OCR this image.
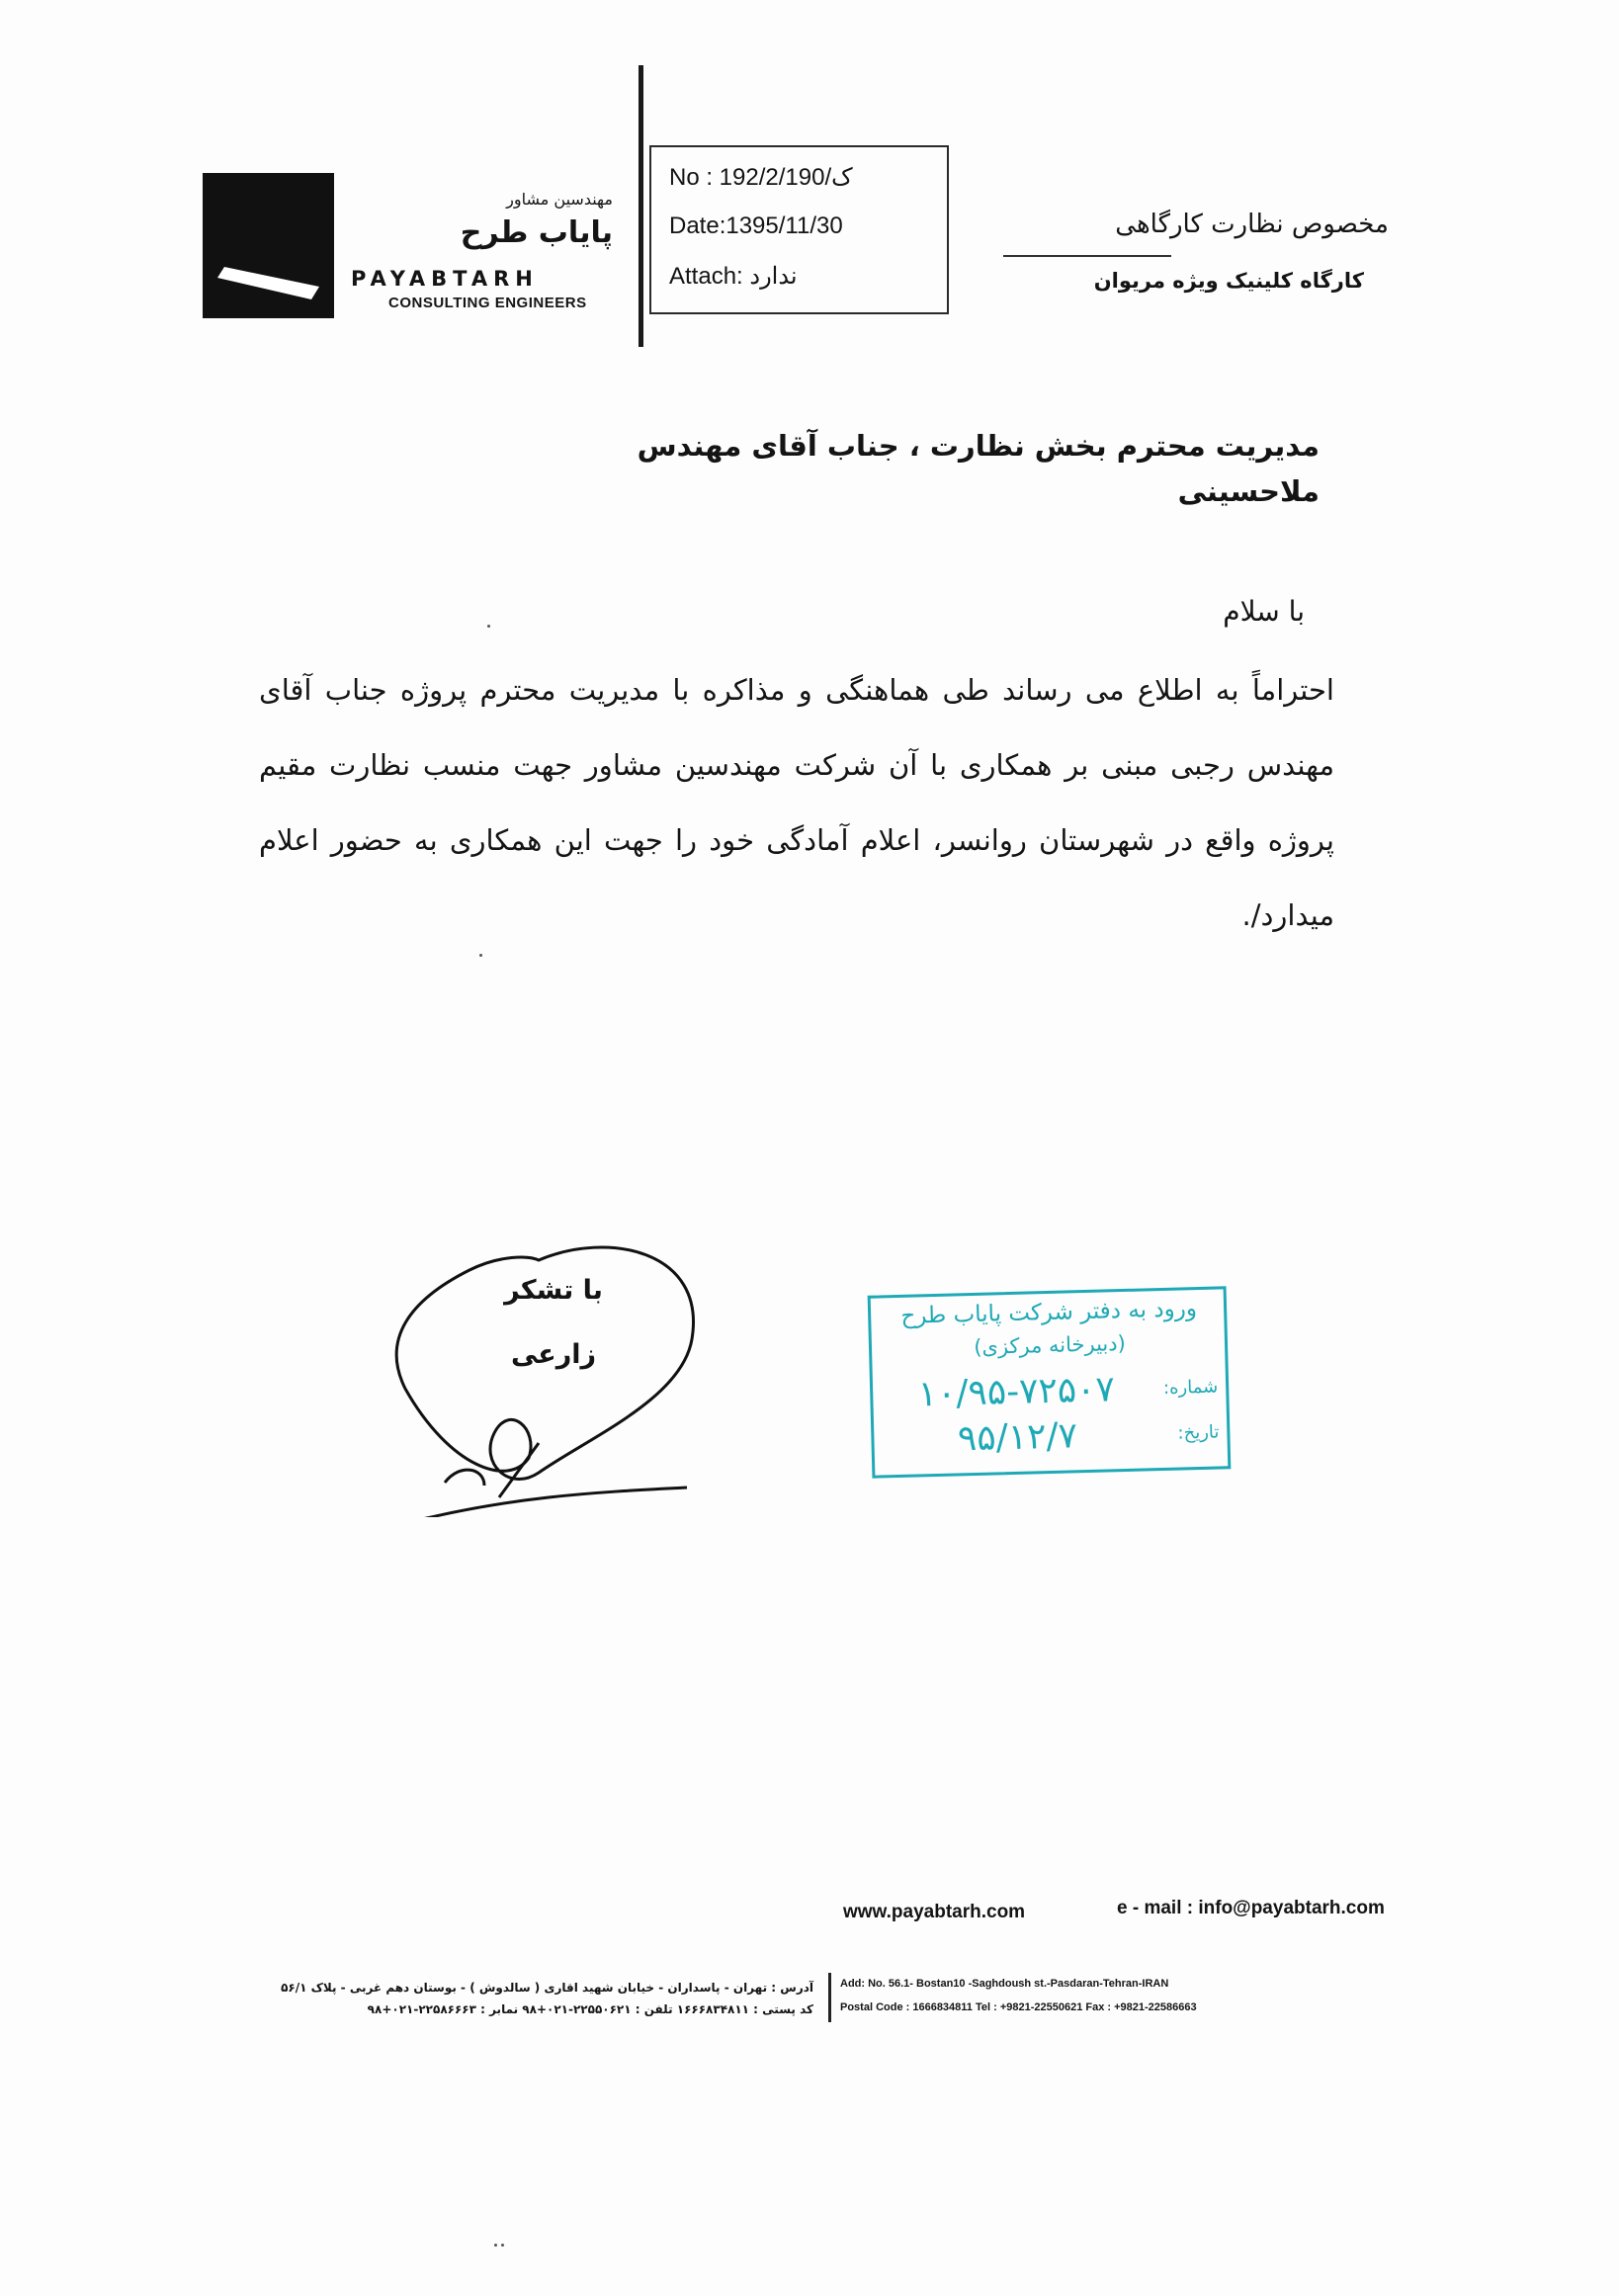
مهندسین مشاور
پایاب طرح
PAYABTARH
CONSULTING ENGINEERS
No : 192/2/ک/190
Date:1395/11/30
Attach: ندارد
مخصوص نظارت کارگاهی
کارگاه کلینیک ویژه مریوان
مدیریت محترم بخش نظارت ، جناب آقای مهندس
ملاحسینی
با سلام
احتراماً به اطلاع می رساند طی هماهنگی و مذاکره با مدیریت محترم پروژه جناب آقای مهندس رجبی مبنی بر همکاری با آن شرکت مهندسین مشاور جهت منسب نظارت مقیم پروژه واقع در شهرستان روانسر، اعلام آمادگی خود را جهت این همکاری به حضور اعلام میدارد/.
با تشکر
زارعی
ورود به دفتر شرکت پایاب طرح
(دبیرخانه مرکزی)
شماره:
۱۰/۹۵-۷۲۵۰۷
تاریخ:
۹۵/۱۲/۷
www.payabtarh.com	e - mail : info@payabtarh.com
آدرس : تهران - پاسداران - خیابان شهید اقاری ( سالدوش ) - بوستان دهم غربی - پلاک ۵۶/۱
کد پستی : ۱۶۶۶۸۳۴۸۱۱ تلفن : ۲۲۵۵۰۶۲۱-۰۲۱+۹۸ نمابر : ۲۲۵۸۶۶۶۳-۰۲۱+۹۸
Add: No. 56.1- Bostan10 -Saghdoush st.-Pasdaran-Tehran-IRAN
Postal Code : 1666834811 Tel : +9821-22550621 Fax : +9821-22586663
